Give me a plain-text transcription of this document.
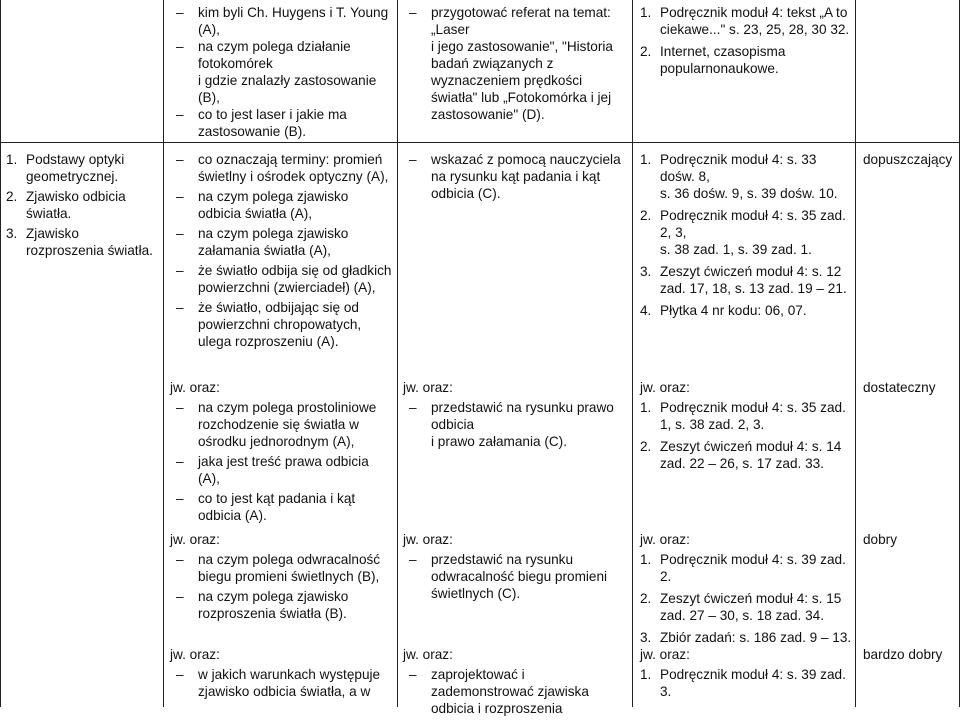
– kim byli Ch. Huygens i T. Young (A),
– na czym polega działanie fotokomórek
i gdzie znalazły zastosowanie (B),
– co to jest laser i jakie ma zastosowanie (B).
– przygotować referat na temat: „Laser
i jego zastosowanie", "Historia badań związanych z wyznaczeniem prędkości światła" lub „Fotokomórka i jej zastosowanie" (D).
1. Podręcznik moduł 4: tekst „A to ciekawe..." s. 23, 25, 28, 30 32.
2. Internet, czasopisma popularnonaukowe.
1. Podstawy optyki geometrycznej.
2. Zjawisko odbicia światła.
3. Zjawisko rozproszenia światła.
– co oznaczają terminy: promień świetlny i ośrodek optyczny (A),
– na czym polega zjawisko odbicia światła (A),
– na czym polega zjawisko załamania światła (A),
– że światło odbija się od gładkich powierzchni (zwierciadeł) (A),
– że światło, odbijając się od powierzchni chropowatych, ulega rozproszeniu (A).
– wskazać z pomocą nauczyciela
na rysunku kąt padania i kąt odbicia (C).
1. Podręcznik moduł 4: s. 33 dośw. 8,
s. 36 dośw. 9, s. 39 dośw. 10.
2. Podręcznik moduł 4: s. 35 zad. 2, 3,
s. 38 zad. 1, s. 39 zad. 1.
3. Zeszyt ćwiczeń moduł 4: s. 12
zad. 17, 18, s. 13 zad. 19 – 21.
4. Płytka 4 nr kodu: 06, 07.
dopuszczający
jw. oraz:
– na czym polega prostoliniowe rozchodzenie się światła w ośrodku jednorodnym (A),
– jaka jest treść prawa odbicia (A),
– co to jest kąt padania i kąt odbicia (A).
jw. oraz:
– przedstawić na rysunku prawo odbicia
i prawo załamania (C).
jw. oraz:
1. Podręcznik moduł 4: s. 35 zad. 1, s. 38 zad. 2, 3.
2. Zeszyt ćwiczeń moduł 4: s. 14
zad. 22 – 26, s. 17 zad. 33.
dostateczny
jw. oraz:
– na czym polega odwracalność biegu promieni świetlnych (B),
– na czym polega zjawisko rozproszenia światła (B).
jw. oraz:
– przedstawić na rysunku odwracalność biegu promieni świetlnych (C).
jw. oraz:
1. Podręcznik moduł 4: s. 39 zad. 2.
2. Zeszyt ćwiczeń moduł 4: s. 15
zad. 27 – 30, s. 18 zad. 34.
3. Zbiór zadań: s. 186 zad. 9 – 13.
dobry
jw. oraz:
– w jakich warunkach występuje zjawisko odbicia światła, a w
jw. oraz:
– zaprojektować i zademonstrować zjawiska odbicia i rozproszenia
jw. oraz:
1. Podręcznik moduł 4: s. 39 zad. 3.
bardzo dobry
